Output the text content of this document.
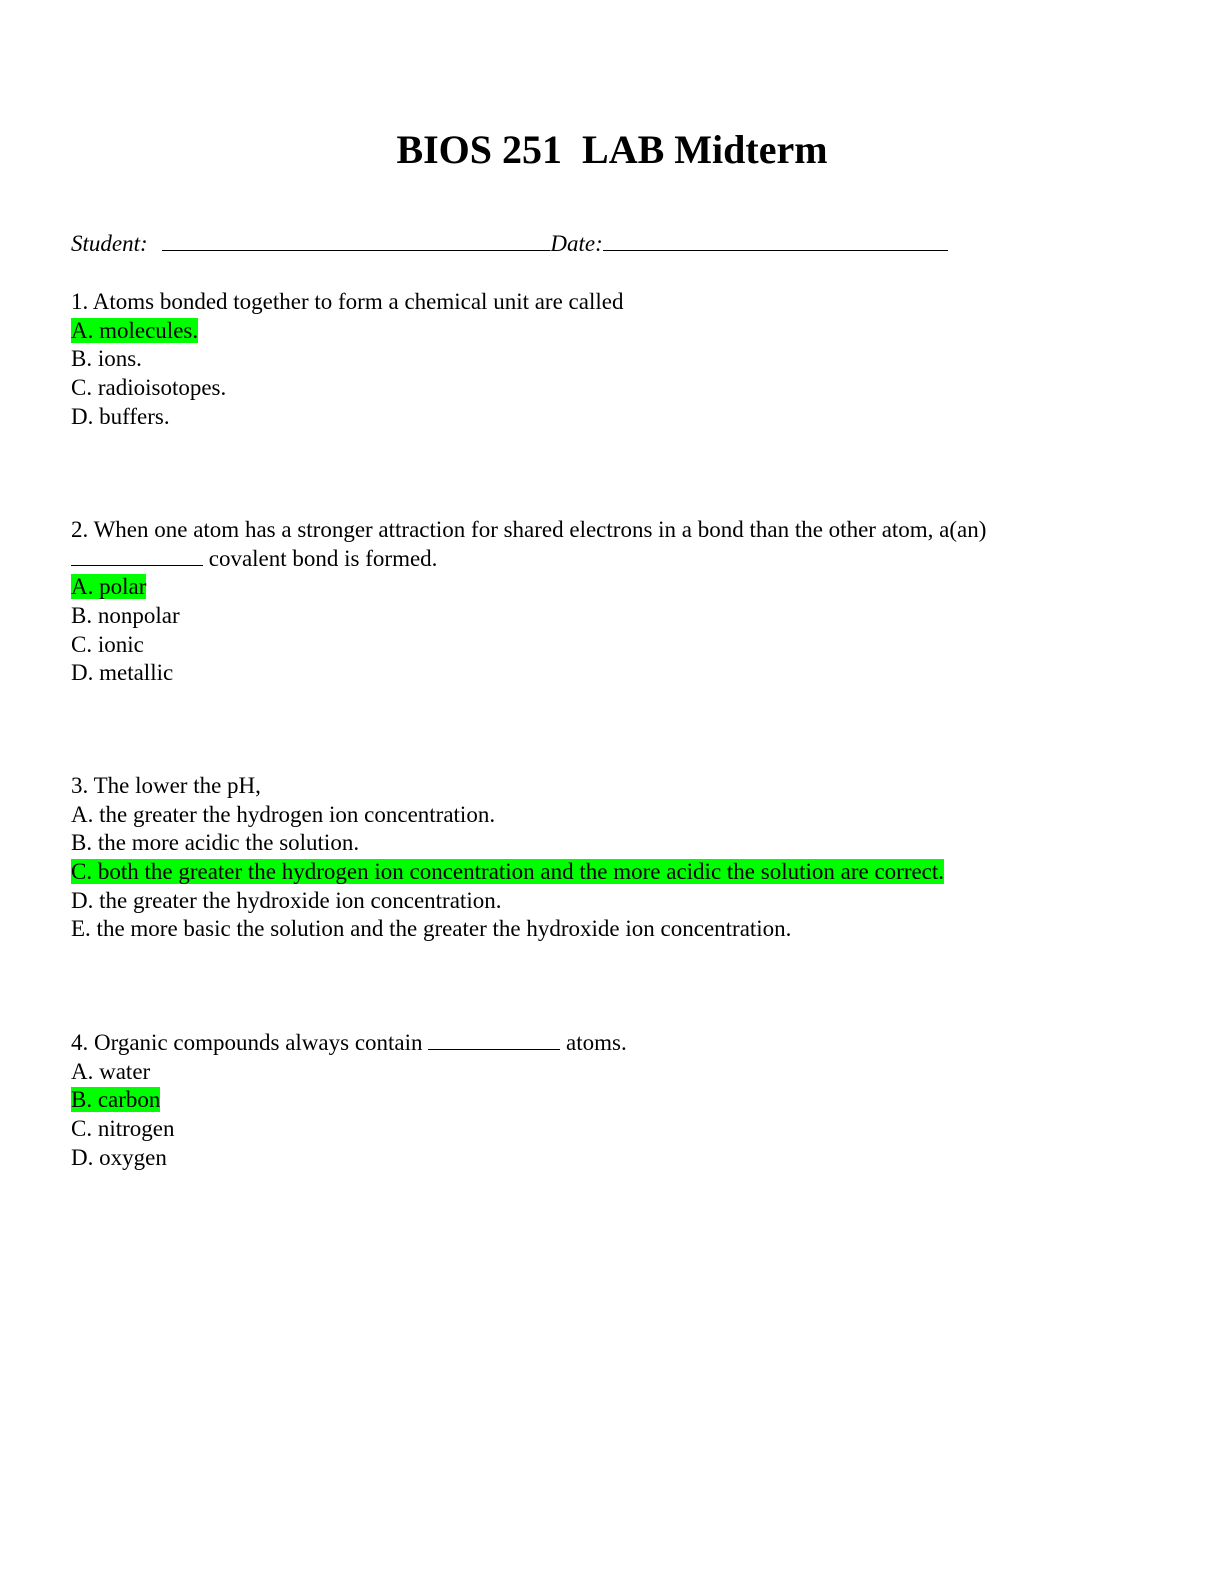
BIOS 251  LAB Midterm
Student:	Date:
1. Atoms bonded together to form a chemical unit are called
A. molecules.
B. ions.
C. radioisotopes.
D. buffers.
2. When one atom has a stronger attraction for shared electrons in a bond than the other atom, a(an)
covalent bond is formed.
A. polar
B. nonpolar
C. ionic
D. metallic
3. The lower the pH,
A. the greater the hydrogen ion concentration.
B. the more acidic the solution.
C. both the greater the hydrogen ion concentration and the more acidic the solution are correct.
D. the greater the hydroxide ion concentration.
E. the more basic the solution and the greater the hydroxide ion concentration.
4. Organic compounds always contain	atoms.
A. water
B. carbon
C. nitrogen
D. oxygen
